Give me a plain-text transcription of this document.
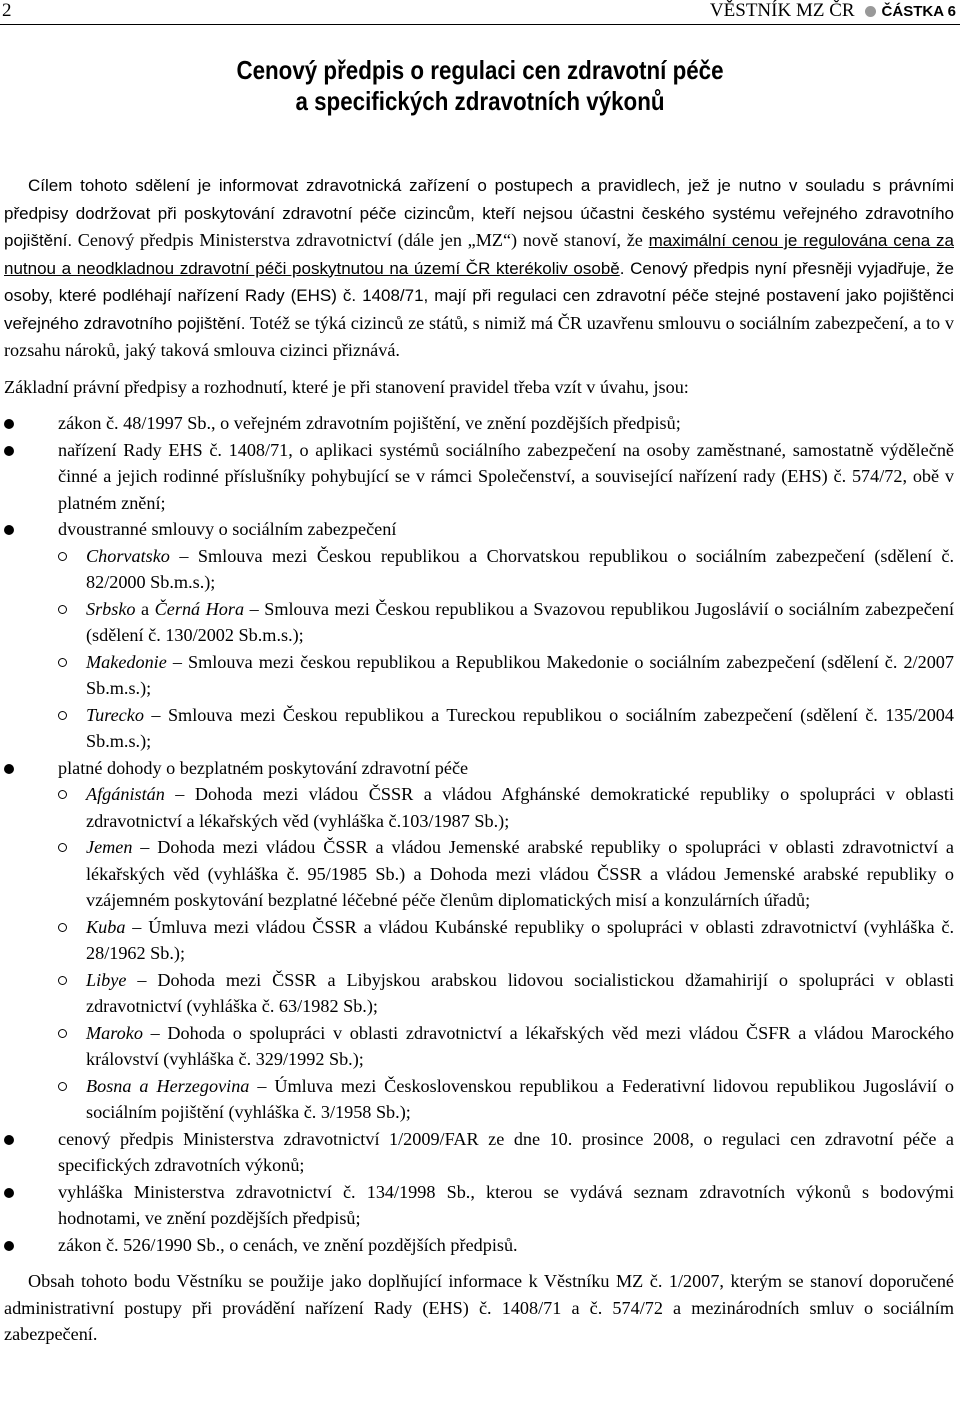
2	VĚSTNÍK MZ ČR ČÁSTKA 6
Cenový předpis o regulaci cen zdravotní péče
a specifických zdravotních výkonů

Cílem tohoto sdělení je informovat zdravotnická zařízení o postupech a pravidlech, jež je nutno v souladu s právními předpisy dodržovat při poskytování zdravotní péče cizincům, kteří nejsou účastni českého systému veřejného zdravotního pojištění. Cenový předpis Ministerstva zdravotnictví (dále jen „MZ“) nově stanoví, že maximální cenou je regulována cena za nutnou a neodkladnou zdravotní péči poskytnutou na území ČR kterékoliv osobě. Cenový předpis nyní přesněji vyjadřuje, že osoby, které podléhají nařízení Rady (EHS) č. 1408/71, mají při regulaci cen zdravotní péče stejné postavení jako pojištěnci veřejného zdravotního pojištění. Totéž se týká cizinců ze států, s nimiž má ČR uzavřenu smlouvu o sociálním zabezpečení, a to v rozsahu nároků, jaký taková smlouva cizinci přiznává.

Základní právní předpisy a rozhodnutí, které je při stanovení pravidel třeba vzít v úvahu, jsou:

zákon č. 48/1997 Sb., o veřejném zdravotním pojištění, ve znění pozdějších předpisů;
nařízení Rady EHS č. 1408/71, o aplikaci systémů sociálního zabezpečení na osoby zaměstnané, samostatně výdělečně činné a jejich rodinné příslušníky pohybující se v rámci Společenství, a související nařízení rady (EHS) č. 574/72, obě v platném znění;
dvoustranné smlouvy o sociálním zabezpečení
Chorvatsko – Smlouva mezi Českou republikou a Chorvatskou republikou o sociálním zabezpečení (sdělení č. 82/2000 Sb.m.s.);
Srbsko a Černá Hora – Smlouva mezi Českou republikou a Svazovou republikou Jugoslávií o sociálním zabezpečení (sdělení č. 130/2002 Sb.m.s.);
Makedonie – Smlouva mezi českou republikou a Republikou Makedonie o sociálním zabezpečení (sdělení č. 2/2007 Sb.m.s.);
Turecko – Smlouva mezi Českou republikou a Tureckou republikou o sociálním zabezpečení (sdělení č. 135/2004 Sb.m.s.);
platné dohody o bezplatném poskytování zdravotní péče
Afgánistán – Dohoda mezi vládou ČSSR a vládou Afghánské demokratické republiky o spolupráci v oblasti zdravotnictví a lékařských věd (vyhláška č.103/1987 Sb.);
Jemen – Dohoda mezi vládou ČSSR a vládou Jemenské arabské republiky o spolupráci v oblasti zdravotnictví a lékařských věd (vyhláška č. 95/1985 Sb.) a Dohoda mezi vládou ČSSR a vládou Jemenské arabské republiky o vzájemném poskytování bezplatné léčebné péče členům diplomatických misí a konzulárních úřadů;
Kuba – Úmluva mezi vládou ČSSR a vládou Kubánské republiky o spolupráci v oblasti zdravotnictví (vyhláška č. 28/1962 Sb.);
Libye – Dohoda mezi ČSSR a Libyjskou arabskou lidovou socialistickou džamahirijí o spolupráci v oblasti zdravotnictví (vyhláška č. 63/1982 Sb.);
Maroko – Dohoda o spolupráci v oblasti zdravotnictví a lékařských věd mezi vládou ČSFR a vládou Marockého království (vyhláška č. 329/1992 Sb.);
Bosna a Herzegovina – Úmluva mezi Československou republikou a Federativní lidovou republikou Jugoslávií o sociálním pojištění (vyhláška č. 3/1958 Sb.);
cenový předpis Ministerstva zdravotnictví 1/2009/FAR ze dne 10. prosince 2008, o regulaci cen zdravotní péče a specifických zdravotních výkonů;
vyhláška Ministerstva zdravotnictví č. 134/1998 Sb., kterou se vydává seznam zdravotních výkonů s bodovými hodnotami, ve znění pozdějších předpisů;
zákon č. 526/1990 Sb., o cenách, ve znění pozdějších předpisů.

Obsah tohoto bodu Věstníku se použije jako doplňující informace k Věstníku MZ č. 1/2007, kterým se stanoví doporučené administrativní postupy při provádění nařízení Rady (EHS) č. 1408/71 a č. 574/72 a mezinárodních smluv o sociálním zabezpečení.
